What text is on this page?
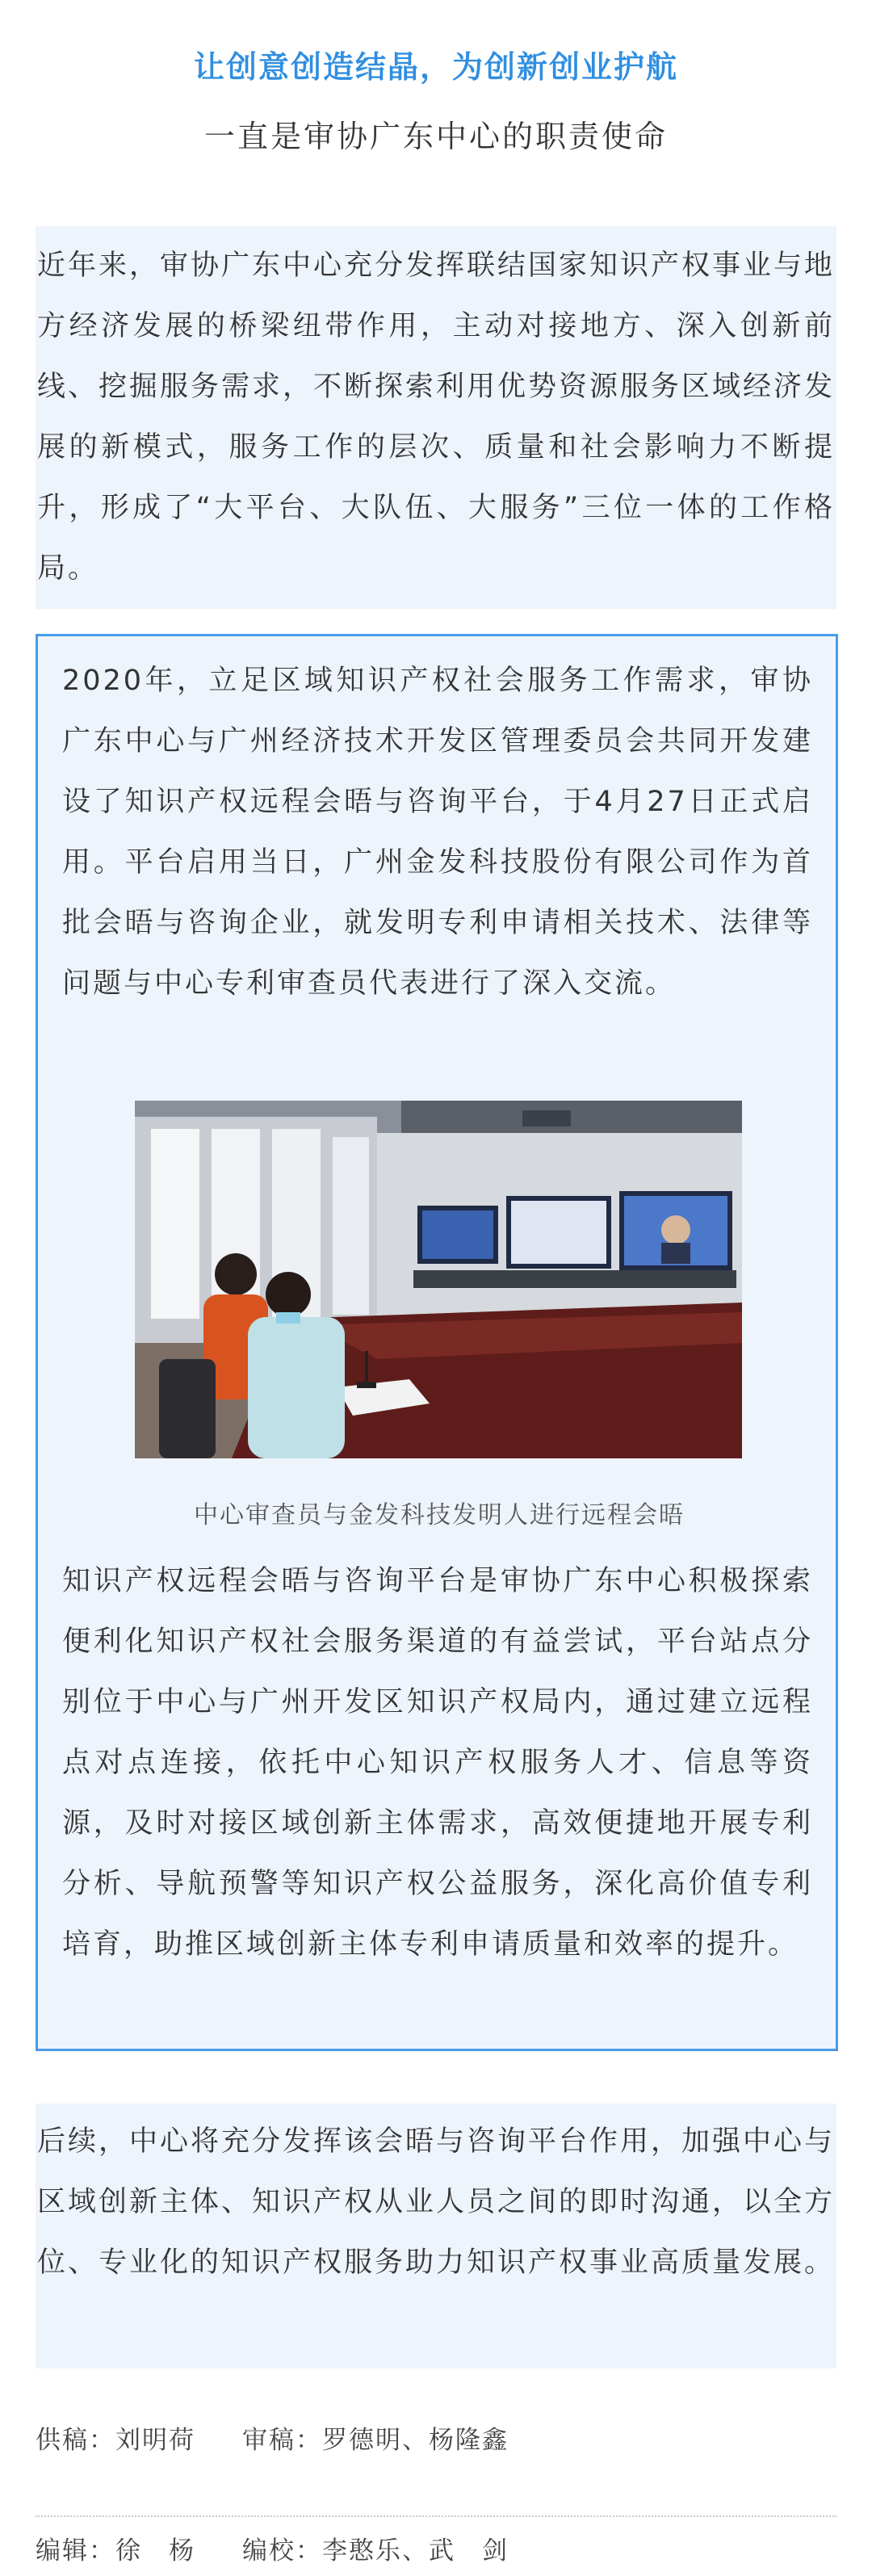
让创意创造结晶，为创新创业护航
一直是审协广东中心的职责使命

近年来，审协广东中心充分发挥联结国家知识产权事业与地方经济发展的桥梁纽带作用，主动对接地方、深入创新前线、挖掘服务需求，不断探索利用优势资源服务区域经济发展的新模式，服务工作的层次、质量和社会影响力不断提升，形成了“大平台、大队伍、大服务”三位一体的工作格局。

2020年，立足区域知识产权社会服务工作需求，审协广东中心与广州经济技术开发区管理委员会共同开发建设了知识产权远程会晤与咨询平台，于4月27日正式启用。平台启用当日，广州金发科技股份有限公司作为首批会晤与咨询企业，就发明专利申请相关技术、法律等问题与中心专利审查员代表进行了深入交流。

中心审查员与金发科技发明人进行远程会晤

知识产权远程会晤与咨询平台是审协广东中心积极探索便利化知识产权社会服务渠道的有益尝试，平台站点分别位于中心与广州开发区知识产权局内，通过建立远程点对点连接，依托中心知识产权服务人才、信息等资源，及时对接区域创新主体需求，高效便捷地开展专利分析、导航预警等知识产权公益服务，深化高价值专利培育，助推区域创新主体专利申请质量和效率的提升。

后续，中心将充分发挥该会晤与咨询平台作用，加强中心与区域创新主体、知识产权从业人员之间的即时沟通，以全方位、专业化的知识产权服务助力知识产权事业高质量发展。

供稿：刘明荷 审稿：罗德明、杨隆鑫
编辑：徐　杨 编校：李憨乐、武　剑
